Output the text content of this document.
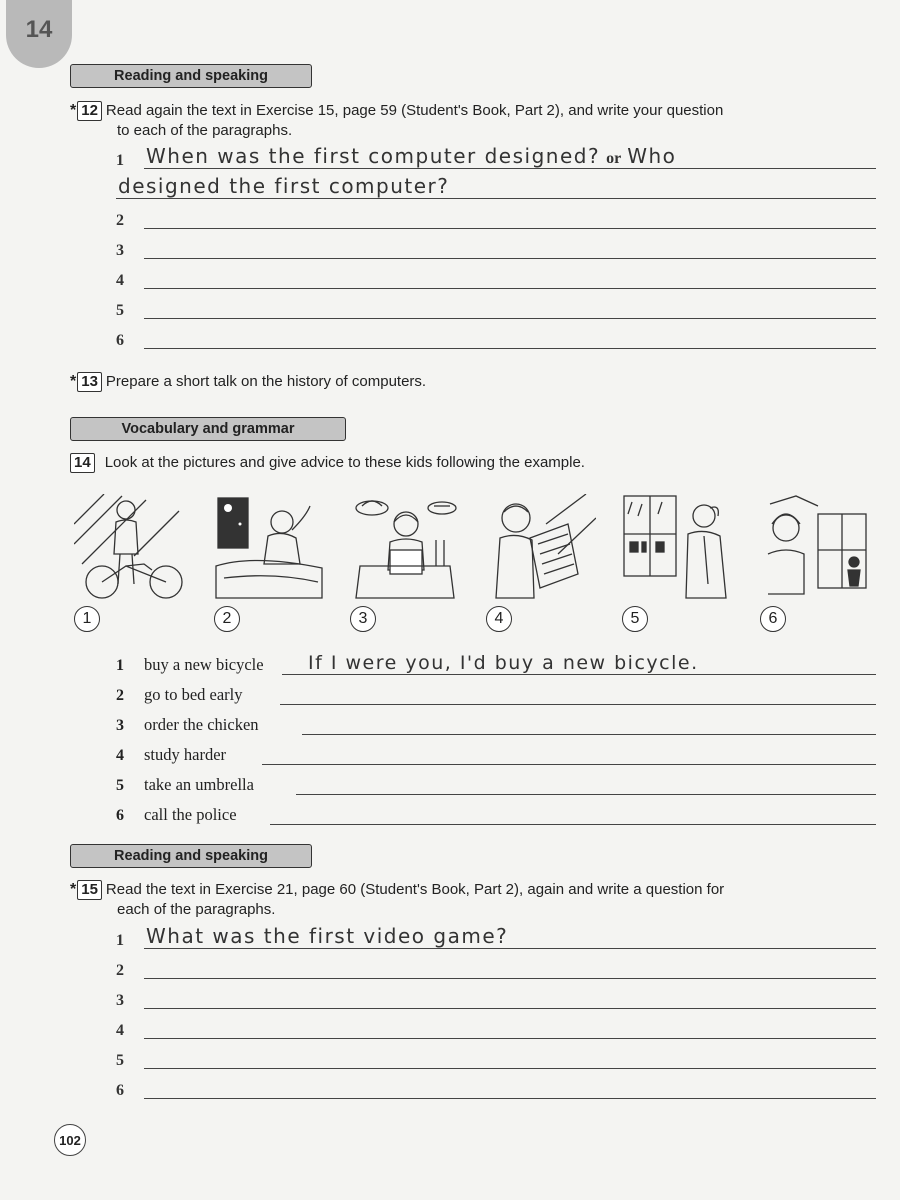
14
Reading and speaking
* 12 Read again the text in Exercise 15, page 59 (Student's Book, Part 2), and write your question
to each of the paragraphs.
1 When was the first computer designed? or Who
designed the first computer?
2
3
4
5
6
* 13 Prepare a short talk on the history of computers.
Vocabulary and grammar
14 Look at the pictures and give advice to these kids following the example.
1	2	3	4	5	6
1 buy a new bicycle If I were you, I'd buy a new bicycle.
2 go to bed early
3 order the chicken
4 study harder
5 take an umbrella
6 call the police
Reading and speaking
* 15 Read the text in Exercise 21, page 60 (Student's Book, Part 2), again and write a question for
each of the paragraphs.
1 What was the first video game?
2
3
4
5
6
102
